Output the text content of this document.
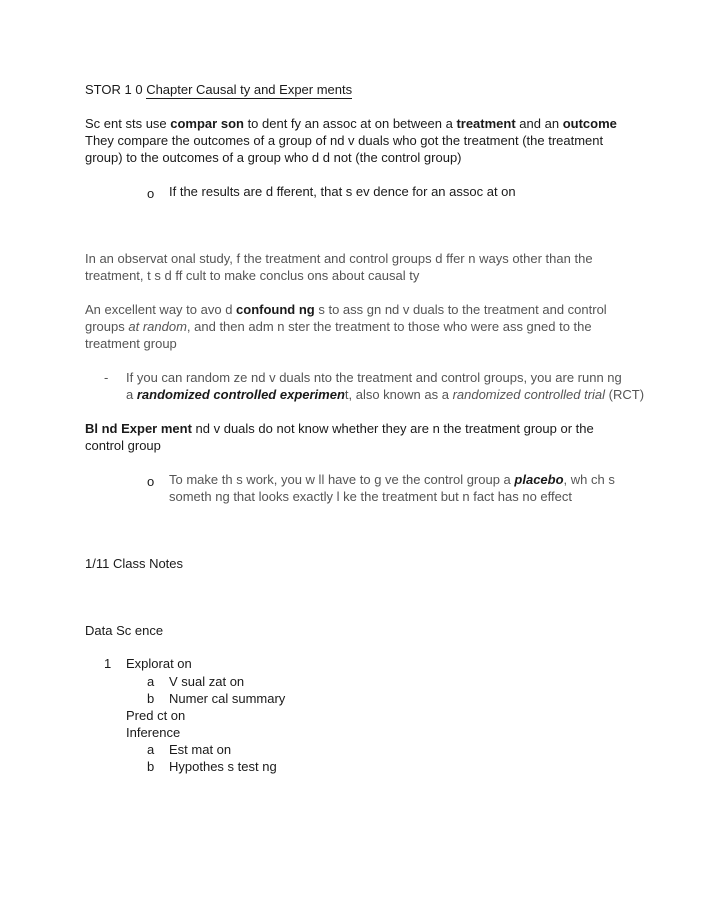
STOR 1 0 Chapter Causal ty and Exper ments
Sc ent sts use compar son to dent fy an assoc at on between a treatment and an outcome
They compare the outcomes of a group of nd v duals who got the treatment (the treatment
group) to the outcomes of a group who d d not (the control group)
o If the results are d fferent, that s ev dence for an assoc at on
In an observat onal study, f the treatment and control groups d ffer n ways other than the
treatment, t s d ff cult to make conclus ons about causal ty
An excellent way to avo d confound ng s to ass gn nd v duals to the treatment and control
groups at random, and then adm n ster the treatment to those who were ass gned to the
treatment group
- If you can random ze nd v duals nto the treatment and control groups, you are runn ng
a randomized controlled experiment, also known as a randomized controlled trial (RCT)
Bl nd Exper ment nd v duals do not know whether they are n the treatment group or the
control group
o To make th s work, you w ll have to g ve the control group a placebo, wh ch s
someth ng that looks exactly l ke the treatment but n fact has no effect
1/11 Class Notes
Data Sc ence
1 Explorat on
a V sual zat on
b Numer cal summary
Pred ct on
Inference
a Est mat on
b Hypothes s test ng
